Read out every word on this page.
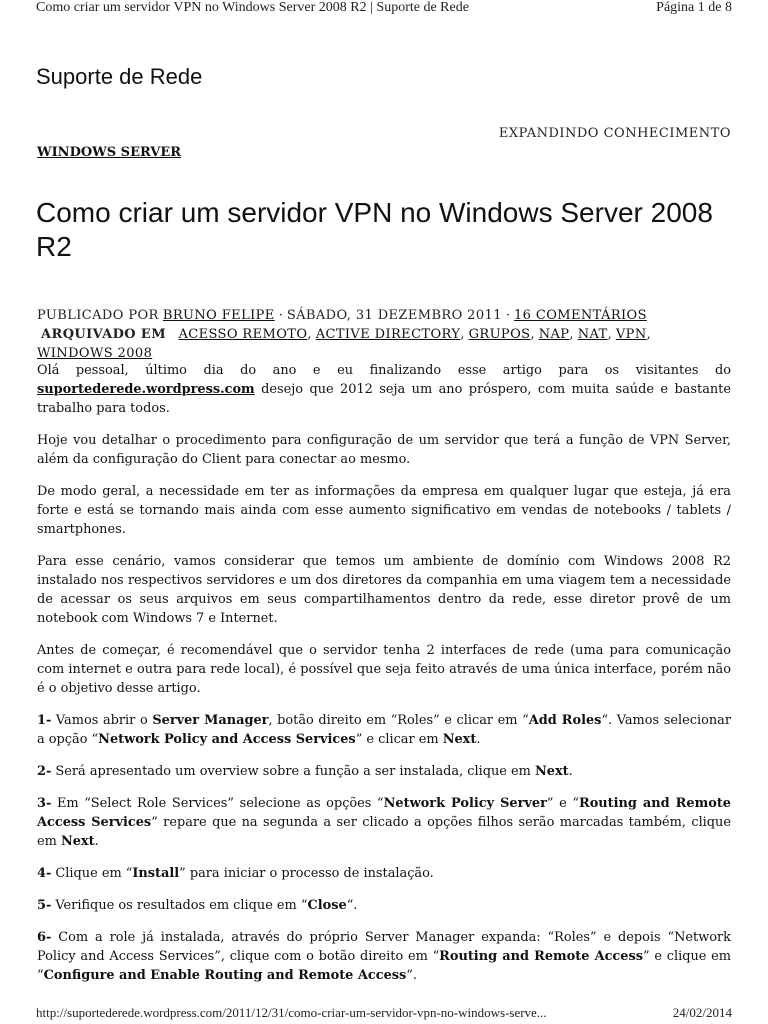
Como criar um servidor VPN no Windows Server 2008 R2 | Suporte de Rede	Página 1 de 8
Suporte de Rede
EXPANDINDO CONHECIMENTO
WINDOWS SERVER
Como criar um servidor VPN no Windows Server 2008 R2
PUBLICADO POR BRUNO FELIPE · SÁBADO, 31 DEZEMBRO 2011 · 16 COMENTÁRIOS
ARQUIVADO EM ACESSO REMOTO, ACTIVE DIRECTORY, GRUPOS, NAP, NAT, VPN,
WINDOWS 2008

Olá pessoal, último dia do ano e eu finalizando esse artigo para os visitantes do suportederede.wordpress.com desejo que 2012 seja um ano próspero, com muita saúde e bastante trabalho para todos.

Hoje vou detalhar o procedimento para configuração de um servidor que terá a função de VPN Server, além da configuração do Client para conectar ao mesmo.

De modo geral, a necessidade em ter as informações da empresa em qualquer lugar que esteja, já era forte e está se tornando mais ainda com esse aumento significativo em vendas de notebooks / tablets / smartphones.

Para esse cenário, vamos considerar que temos um ambiente de domínio com Windows 2008 R2 instalado nos respectivos servidores e um dos diretores da companhia em uma viagem tem a necessidade de acessar os seus arquivos em seus compartilhamentos dentro da rede, esse diretor provê de um notebook com Windows 7 e Internet.

Antes de começar, é recomendável que o servidor tenha 2 interfaces de rede (uma para comunicação com internet e outra para rede local), é possível que seja feito através de uma única interface, porém não é o objetivo desse artigo.

1- Vamos abrir o Server Manager, botão direito em “Roles” e clicar em “Add Roles“. Vamos selecionar a opção “Network Policy and Access Services” e clicar em Next.

2- Será apresentado um overview sobre a função a ser instalada, clique em Next.

3- Em “Select Role Services” selecione as opções “Network Policy Server” e “Routing and Remote Access Services” repare que na segunda a ser clicado a opções filhos serão marcadas também, clique em Next.

4- Clique em “Install” para iniciar o processo de instalação.

5- Verifique os resultados em clique em “Close“.

6- Com a role já instalada, através do próprio Server Manager expanda: “Roles” e depois “Network Policy and Access Services”, clique com o botão direito em “Routing and Remote Access” e clique em “Configure and Enable Routing and Remote Access“.

http://suportederede.wordpress.com/2011/12/31/como-criar-um-servidor-vpn-no-windows-serve...	24/02/2014
